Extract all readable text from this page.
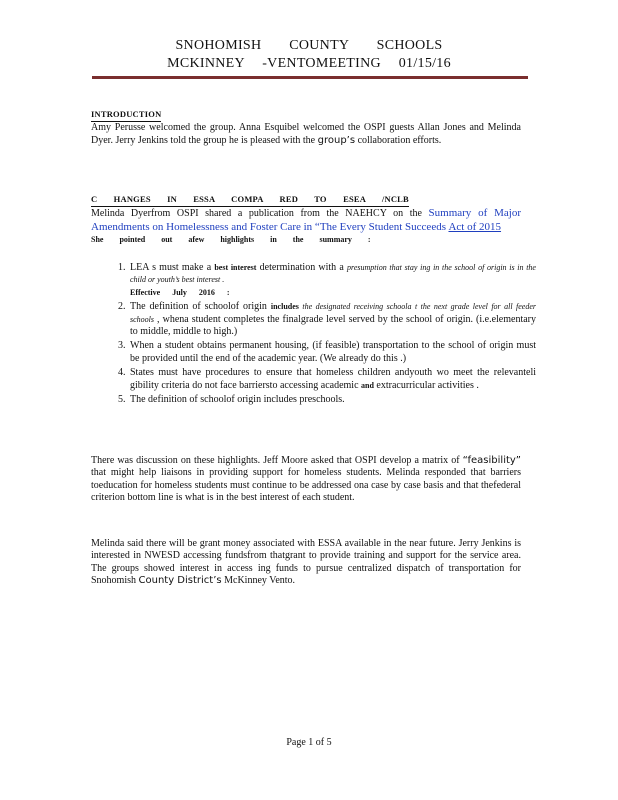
SNOHOMISH COUNTY SCHOOLS
MCKINNEY -VENTOMEETING 01/15/16
INTRODUCTION
Amy Perusse welcomed the group. Anna Esquibel welcomed the OSPI guests Allan Jones and Melinda Dyer. Jerry Jenkins told the group he is pleased with the group’s collaboration efforts.
C HANGES IN ESSA COMPA RED TO ESEA /NCLB
Melinda Dyerfrom OSPI shared a publication from the NAEHCY on the Summary of Major Amendments on Homelessness and Foster Care in “The Every Student Succeeds Act of 2015
She pointed out afew highlights in the summary :
1. LEA s must make a best interest determination with a presumption that stay ing in the school of origin is in the child or youth’s best interest .
Effective July 2016 :
2. The definition of schoolof origin includes the designated receiving schoola t the next grade level for all feeder schools , whena student completes the finalgrade level served by the school of origin. (i.e.elementary to middle, middle to high.)
3. When a student obtains permanent housing, (if feasible) transportation to the school of origin must be provided until the end of the academic year. (We already do this .)
4. States must have procedures to ensure that homeless children andyouth wo meet the relevanteli gibility criteria do not face barriersto accessing academic and extracurricular activities .
5. The definition of schoolof origin includes preschools.
There was discussion on these highlights. Jeff Moore asked that OSPI develop a matrix of “feasibility” that might help liaisons in providing support for homeless students. Melinda responded that barriers toeducation for homeless students must continue to be addressed ona case by case basis and that thefederal criterion bottom line is what is in the best interest of each student.
Melinda said there will be grant money associated with ESSA available in the near future. Jerry Jenkins is interested in NWESD accessing fundsfrom thatgrant to provide training and support for the service area. The groups showed interest in access ing funds to pursue centralized dispatch of transportation for Snohomish County District’s McKinney Vento.
Page 1 of 5
